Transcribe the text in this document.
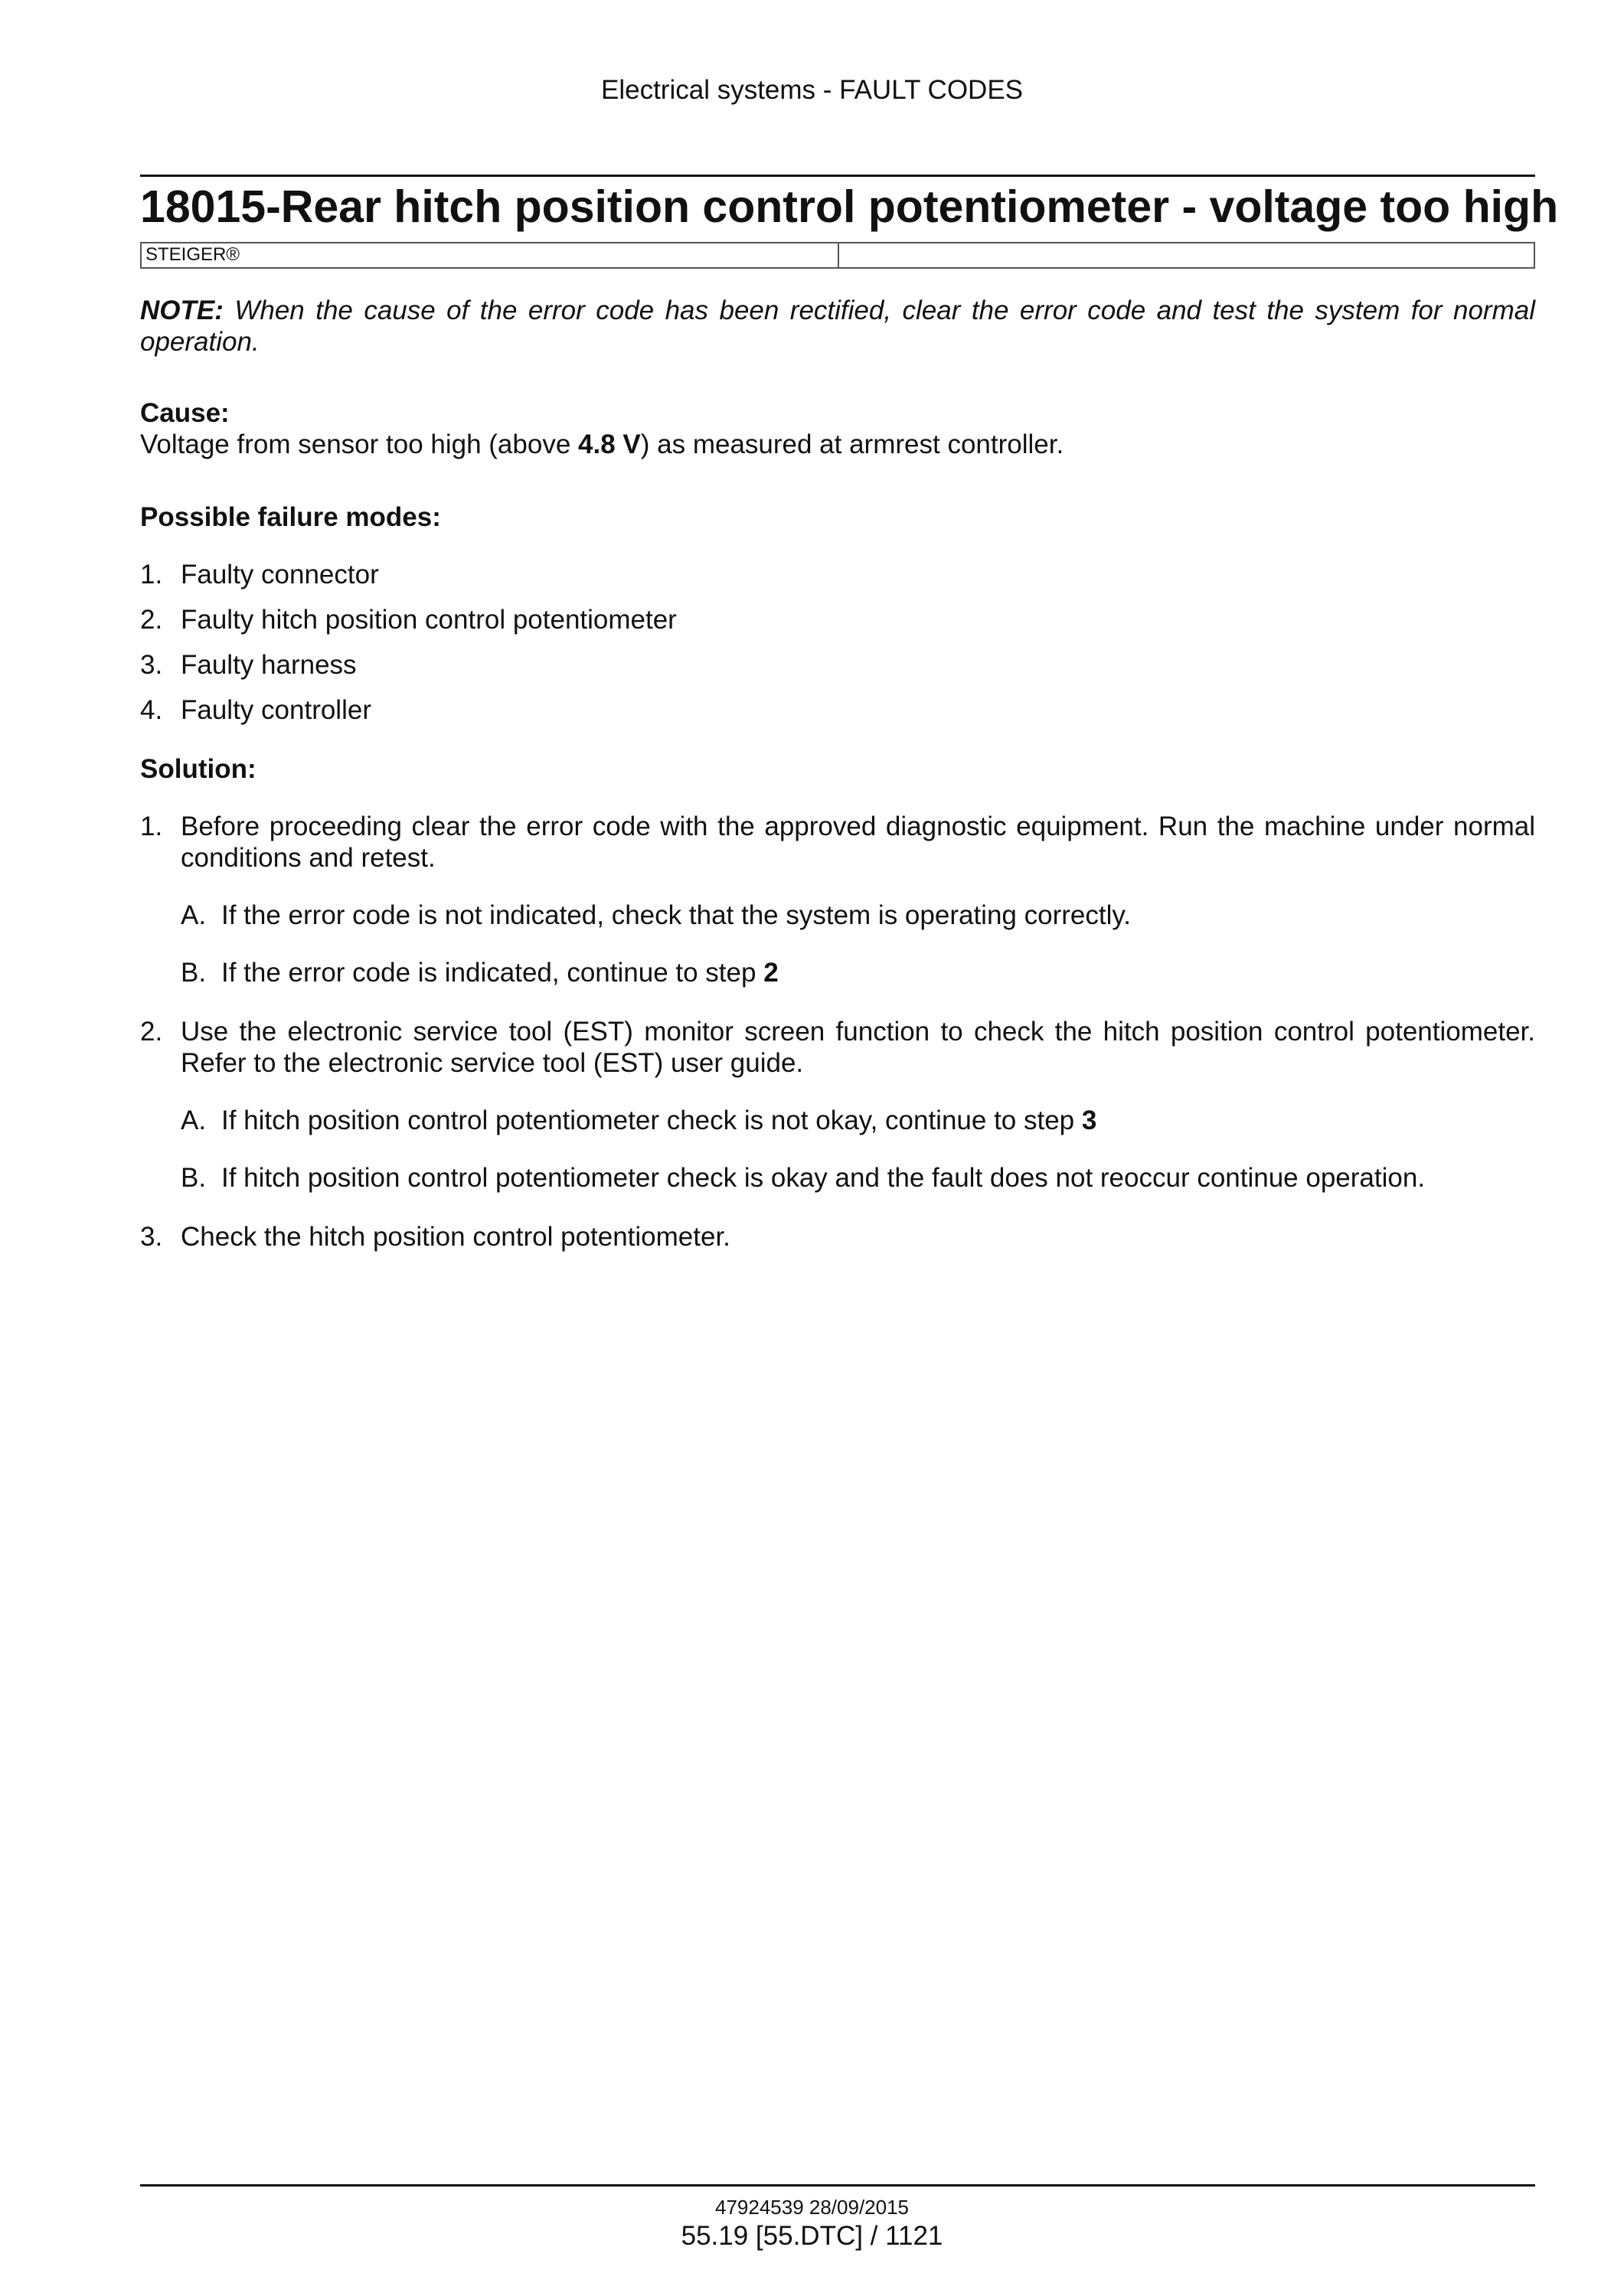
Electrical systems - FAULT CODES
18015-Rear hitch position control potentiometer - voltage too high
STEIGER®

NOTE: When the cause of the error code has been rectified, clear the error code and test the system for normal operation.

Cause:

Voltage from sensor too high (above 4.8 V) as measured at armrest controller.

Possible failure modes:

1. Faulty connector
2. Faulty hitch position control potentiometer
3. Faulty harness
4. Faulty controller

Solution:

1. Before proceeding clear the error code with the approved diagnostic equipment. Run the machine under normal conditions and retest.
A. If the error code is not indicated, check that the system is operating correctly.
B. If the error code is indicated, continue to step 2
2. Use the electronic service tool (EST) monitor screen function to check the hitch position control potentiometer. Refer to the electronic service tool (EST) user guide.
A. If hitch position control potentiometer check is not okay, continue to step 3
B. If hitch position control potentiometer check is okay and the fault does not reoccur continue operation.
3. Check the hitch position control potentiometer.
47924539 28/09/2015
55.19 [55.DTC] / 1121
